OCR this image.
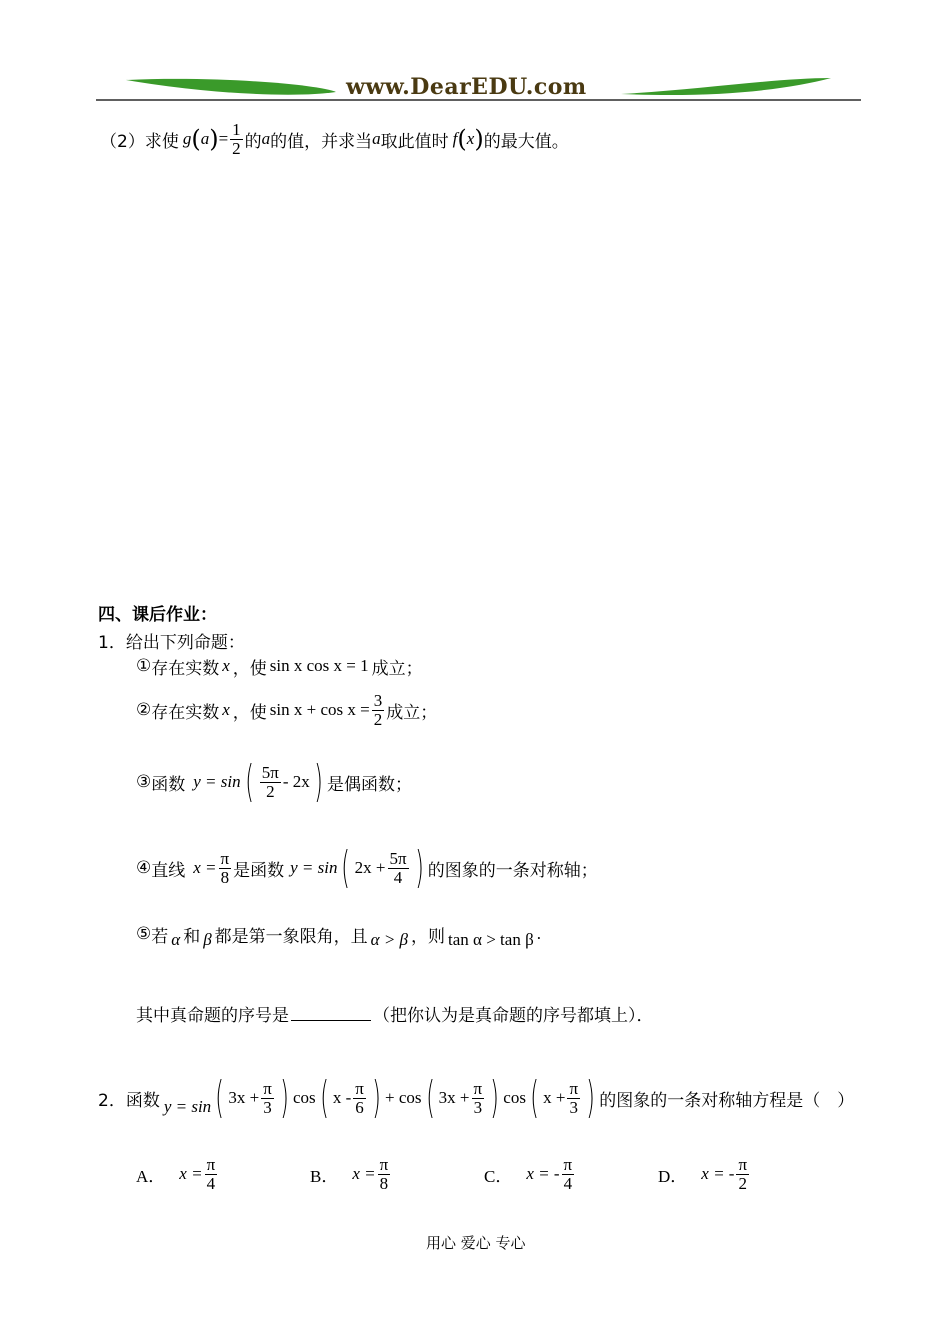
www.DearEDU.com
（2） 求使 g ( a ) = $\frac{1}{2}$ 的 a 的值，并求当 a 取此值时 f ( x ) 的最大值。
四、课后作业：
1．给出下列命题：
① 存在实数 x ，使 sin x cos x = 1 成立；
② 存在实数 x ，使 $\sin x + \cos x = \frac{3}{2}$ 成立；
③ 函数 y = sin ( $\frac{5\pi}{2} - 2x$ ) 是偶函数；
④ 直线 $x = \frac{\pi}{8}$ 是函数 y = sin ( $2x + \frac{5\pi}{4}$ ) 的图象的一条对称轴；
⑤ 若 α 和 β 都是第一象限角，且 α > β ，则 tan α > tan β .
其中真命题的序号是	（把你认为是真命题的序号都填上）．
2． 函数 y = sin ( $3x + \frac{\pi}{3}$ ) cos ( x - $\frac{\pi}{6}$ ) + cos ( $3x + \frac{\pi}{3}$ ) cos ( $x + \frac{\pi}{3}$ ) 的图象的一条对称轴方程是（　）
A． $x = \frac{\pi}{4}$	B． $x = \frac{\pi}{8}$	C． x = - $\frac{\pi}{4}$	D． x = - $\frac{\pi}{2}$
用心 爱心 专心
